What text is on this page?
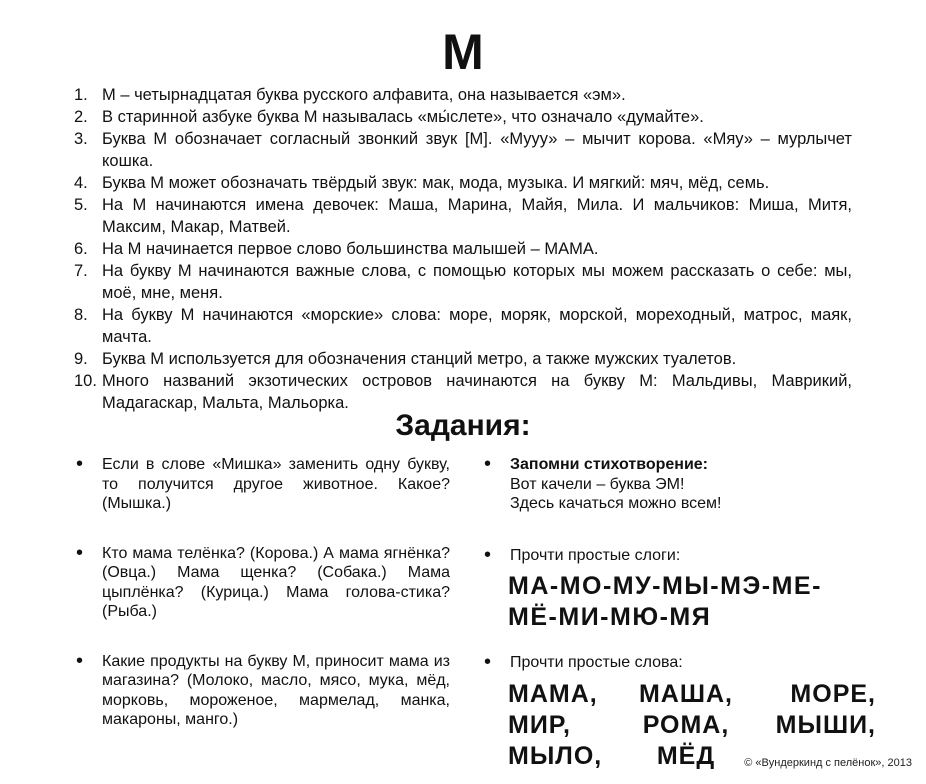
М
1. М – четырнадцатая буква русского алфавита, она называется «эм».
2. В старинной азбуке буква М называлась «мы́слете», что означало «думайте».
3. Буква М обозначает согласный звонкий звук [М]. «Мууу» – мычит корова. «Мяу» – мурлычет кошка.
4. Буква М может обозначать твёрдый звук: мак, мода, музыка. И мягкий: мяч, мёд, семь.
5. На М начинаются имена девочек: Маша, Марина, Майя, Мила. И мальчиков: Миша, Митя, Максим, Макар, Матвей.
6. На М начинается первое слово большинства малышей – МАМА.
7. На букву М начинаются важные слова, с помощью которых мы можем рассказать о себе: мы, моё, мне, меня.
8. На букву М начинаются «морские» слова: море, моряк, морской, мореходный, матрос, маяк, мачта.
9. Буква М используется для обозначения станций метро, а также мужских туалетов.
10. Много названий экзотических островов начинаются на букву М: Мальдивы, Маврикий, Мадагаскар, Мальта, Мальорка.
Задания:
• Если в слове «Мишка» заменить одну букву, то получится другое животное. Какое? (Мышка.)
• Кто мама телёнка? (Корова.) А мама ягнёнка? (Овца.) Мама щенка? (Собака.) Мама цыплёнка? (Курица.) Мама голова-стика? (Рыба.)
• Какие продукты на букву М, приносит мама из магазина? (Молоко, масло, мясо, мука, мёд, морковь, мороженое, мармелад, манка, макароны, манго.)
• Запомни стихотворение:
Вот качели – буква ЭМ!
Здесь качаться можно всем!
• Прочти простые слоги:
МА-МО-МУ-МЫ-МЭ-МЕ-
МЁ-МИ-МЮ-МЯ
• Прочти простые слова:
МАМА,	МАША,	МОРЕ,
МИР,	РОМА,	МЫШИ,
МЫЛО,	МЁД	© «Вундеркинд с пелёнок», 2013
